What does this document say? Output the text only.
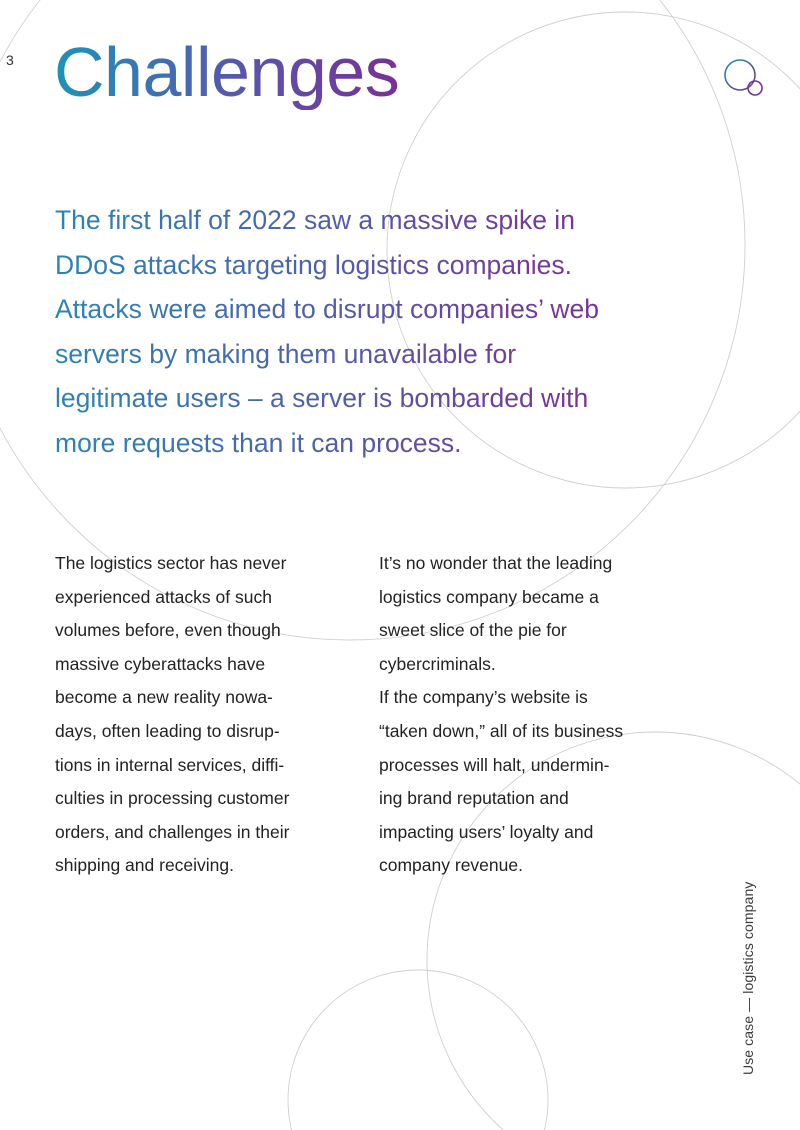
3 Challenges
The first half of 2022 saw a massive spike in
DDoS attacks targeting logistics companies.
Attacks were aimed to disrupt companies’ web
servers by making them unavailable for
legitimate users – a server is bombarded with
more requests than it can process.
The logistics sector has never
experienced attacks of such
volumes before, even though
massive cyberattacks have
become a new reality nowa-
days, often leading to disrup-
tions in internal services, diffi-
culties in processing customer
orders, and challenges in their
shipping and receiving.
It’s no wonder that the leading
logistics company became a
sweet slice of the pie for
cybercriminals.
If the company’s website is
“taken down,” all of its business
processes will halt, undermin-
ing brand reputation and
impacting users’ loyalty and
company revenue.
Use case — logistics company
